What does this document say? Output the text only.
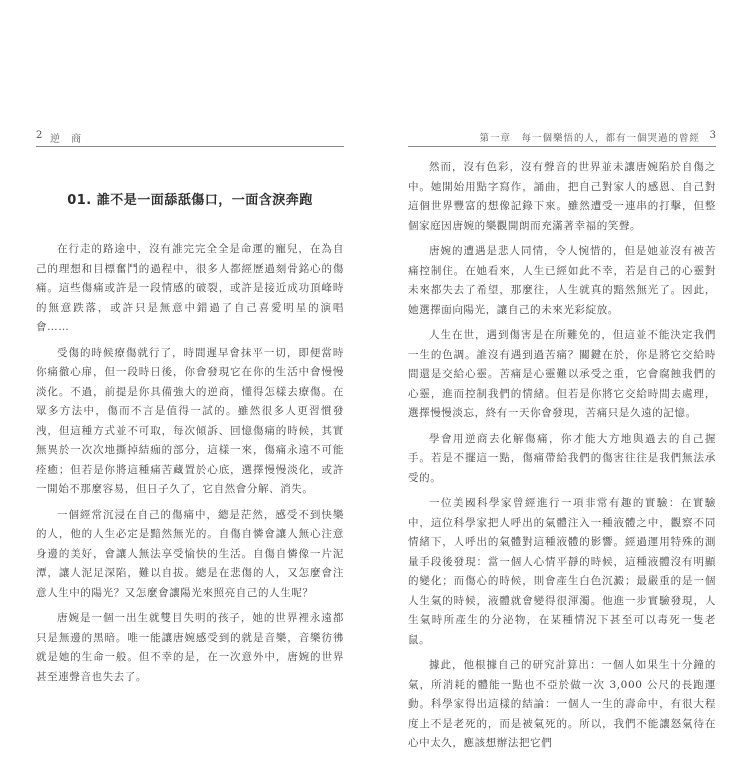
2 逆 商
01. 誰不是一面舔舐傷口，一面含淚奔跑

在行走的路途中，沒有誰完完全全是命運的寵兒，在為自己的理想和目標奮鬥的過程中，很多人都經歷過刻骨銘心的傷痛。這些傷痛或許是一段情感的破裂，或許是接近成功頂峰時的無意跌落，或許只是無意中錯過了自己喜愛明星的演唱會……

受傷的時候療傷就行了，時間遲早會抹平一切，即便當時你痛徹心扉，但一段時日後，你會發現它在你的生活中會慢慢淡化。不過，前提是你具備強大的逆商，懂得怎樣去療傷。在眾多方法中，傷而不言是值得一試的。雖然很多人更習慣發洩，但這種方式並不可取，每次傾訴、回憶傷痛的時候，其實無異於一次次地撕掉結痂的部分，這樣一來，傷痛永遠不可能痊癒；但若是你將這種痛苦藏置於心底，選擇慢慢淡化，或許一開始不那麼容易，但日子久了，它自然會分解、消失。

一個經常沉浸在自己的傷痛中，總是茫然，感受不到快樂的人，他的人生必定是黯然無光的。自傷自憐會讓人無心注意身邊的美好，會讓人無法享受愉快的生活。自傷自憐像一片泥潭，讓人泥足深陷，難以自拔。總是在悲傷的人，又怎麼會注意人生中的陽光？又怎麼會讓陽光來照亮自己的人生呢？

唐婉是一個一出生就雙目失明的孩子，她的世界裡永遠都只是無邊的黑暗。唯一能讓唐婉感受到的就是音樂，音樂彷彿就是她的生命一般。但不幸的是，在一次意外中，唐婉的世界甚至連聲音也失去了。

第一章　每一個樂悟的人，都有一個哭過的曾經 3

然而，沒有色彩，沒有聲音的世界並未讓唐婉陷於自傷之中。她開始用點字寫作，誦曲，把自己對家人的感恩、自己對這個世界豐富的想像記錄下來。雖然遭受一連串的打擊，但整個家庭因唐婉的樂觀開朗而充滿著幸福的笑聲。

唐婉的遭遇是悲人同情，令人惋惜的，但是她並沒有被苦痛控制住。在她看來，人生已經如此不幸，若是自己的心靈對未來都失去了希望，那麼往，人生就真的黯然無光了。因此，她選擇面向陽光，讓自己的未來光彩綻放。

人生在世，遇到傷害是在所難免的，但這並不能決定我們一生的色調。誰沒有遇到過苦痛？關鍵在於，你是將它交給時間還是交給心靈。苦痛是心靈難以承受之重，它會腐蝕我們的心靈，進而控制我們的情緒。但若是你將它交給時間去處理，選擇慢慢淡忘，終有一天你會發現，苦痛只是久遠的記憶。

學會用逆商去化解傷痛，你才能大方地與過去的自己握手。若是不擺這一點，傷痛帶給我們的傷害往往是我們無法承受的。

一位美國科學家曾經進行一項非常有趣的實驗：在實驗中，這位科學家把人呼出的氣體注入一種液體之中，觀察不同情緒下，人呼出的氣體對這種液體的影響。經過運用特殊的測量手段後發現：當一個人心情平靜的時候，這種液體沒有明顯的變化；而傷心的時候，則會產生白色沉澱；最嚴重的是一個人生氣的時候，液體就會變得很渾濁。他進一步實驗發現，人生氣時所產生的分泌物，在某種情況下甚至可以毒死一隻老鼠。

據此，他根據自己的研究計算出：一個人如果生十分鐘的氣，所消耗的體能一點也不亞於做一次 3,000 公尺的長跑運動。科學家得出這樣的結論：一個人一生的壽命中，有很大程度上不是老死的，而是被氣死的。所以，我們不能讓怒氣待在心中太久，應該想辦法把它們
